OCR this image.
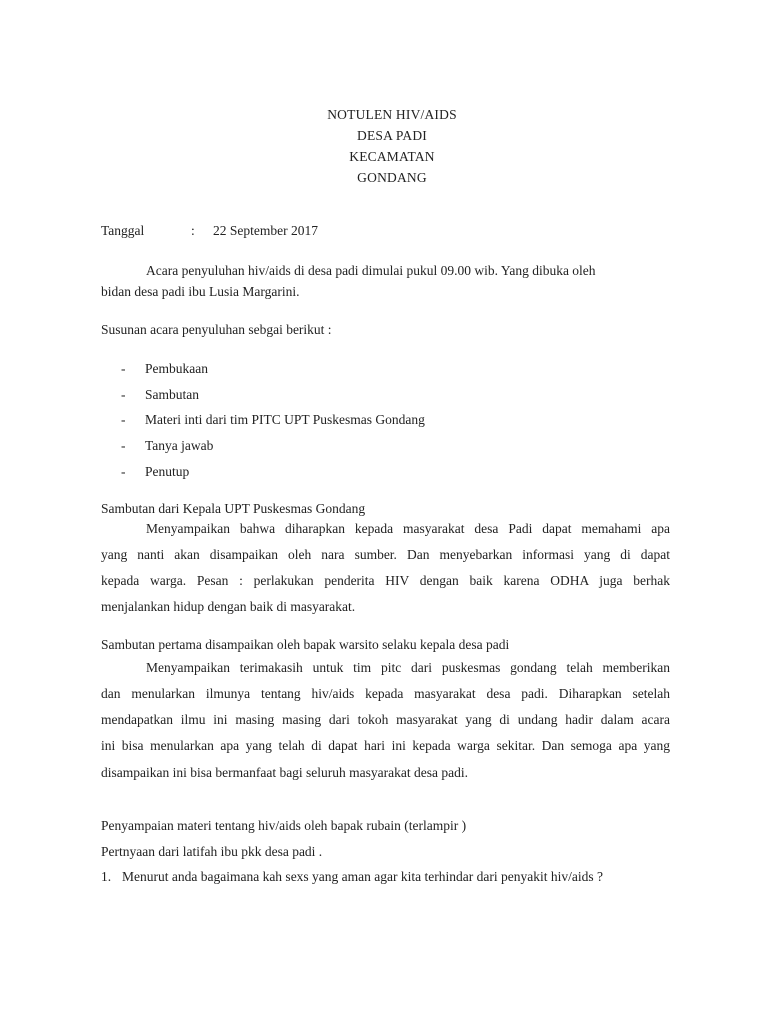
NOTULEN HIV/AIDS
DESA PADI
KECAMATAN
GONDANG
Tanggal	: 22 September 2017
Acara penyuluhan hiv/aids di desa padi dimulai pukul 09.00 wib. Yang dibuka oleh
bidan desa padi ibu Lusia Margarini.
Susunan acara penyuluhan sebgai berikut :
- Pembukaan
- Sambutan
- Materi inti dari tim PITC UPT Puskesmas Gondang
- Tanya jawab
- Penutup
Sambutan dari Kepala UPT Puskesmas Gondang
Menyampaikan bahwa diharapkan kepada masyarakat desa Padi dapat memahami apa
yang nanti akan disampaikan oleh nara sumber. Dan menyebarkan informasi yang di dapat
kepada warga. Pesan : perlakukan penderita HIV dengan baik karena ODHA juga berhak
menjalankan hidup dengan baik di masyarakat.
Sambutan pertama disampaikan oleh bapak warsito selaku kepala desa padi
Menyampaikan terimakasih untuk tim pitc dari puskesmas gondang telah memberikan
dan menularkan ilmunya tentang hiv/aids kepada masyarakat desa padi. Diharapkan setelah
mendapatkan ilmu ini masing masing dari tokoh masyarakat yang di undang hadir dalam acara
ini bisa menularkan apa yang telah di dapat hari ini kepada warga sekitar. Dan semoga apa yang
disampaikan ini bisa bermanfaat bagi seluruh masyarakat desa padi.
Penyampaian materi tentang hiv/aids oleh bapak rubain (terlampir )
Pertnyaan dari latifah ibu pkk desa padi .
1. Menurut anda bagaimana kah sexs yang aman agar kita terhindar dari penyakit hiv/aids ?
